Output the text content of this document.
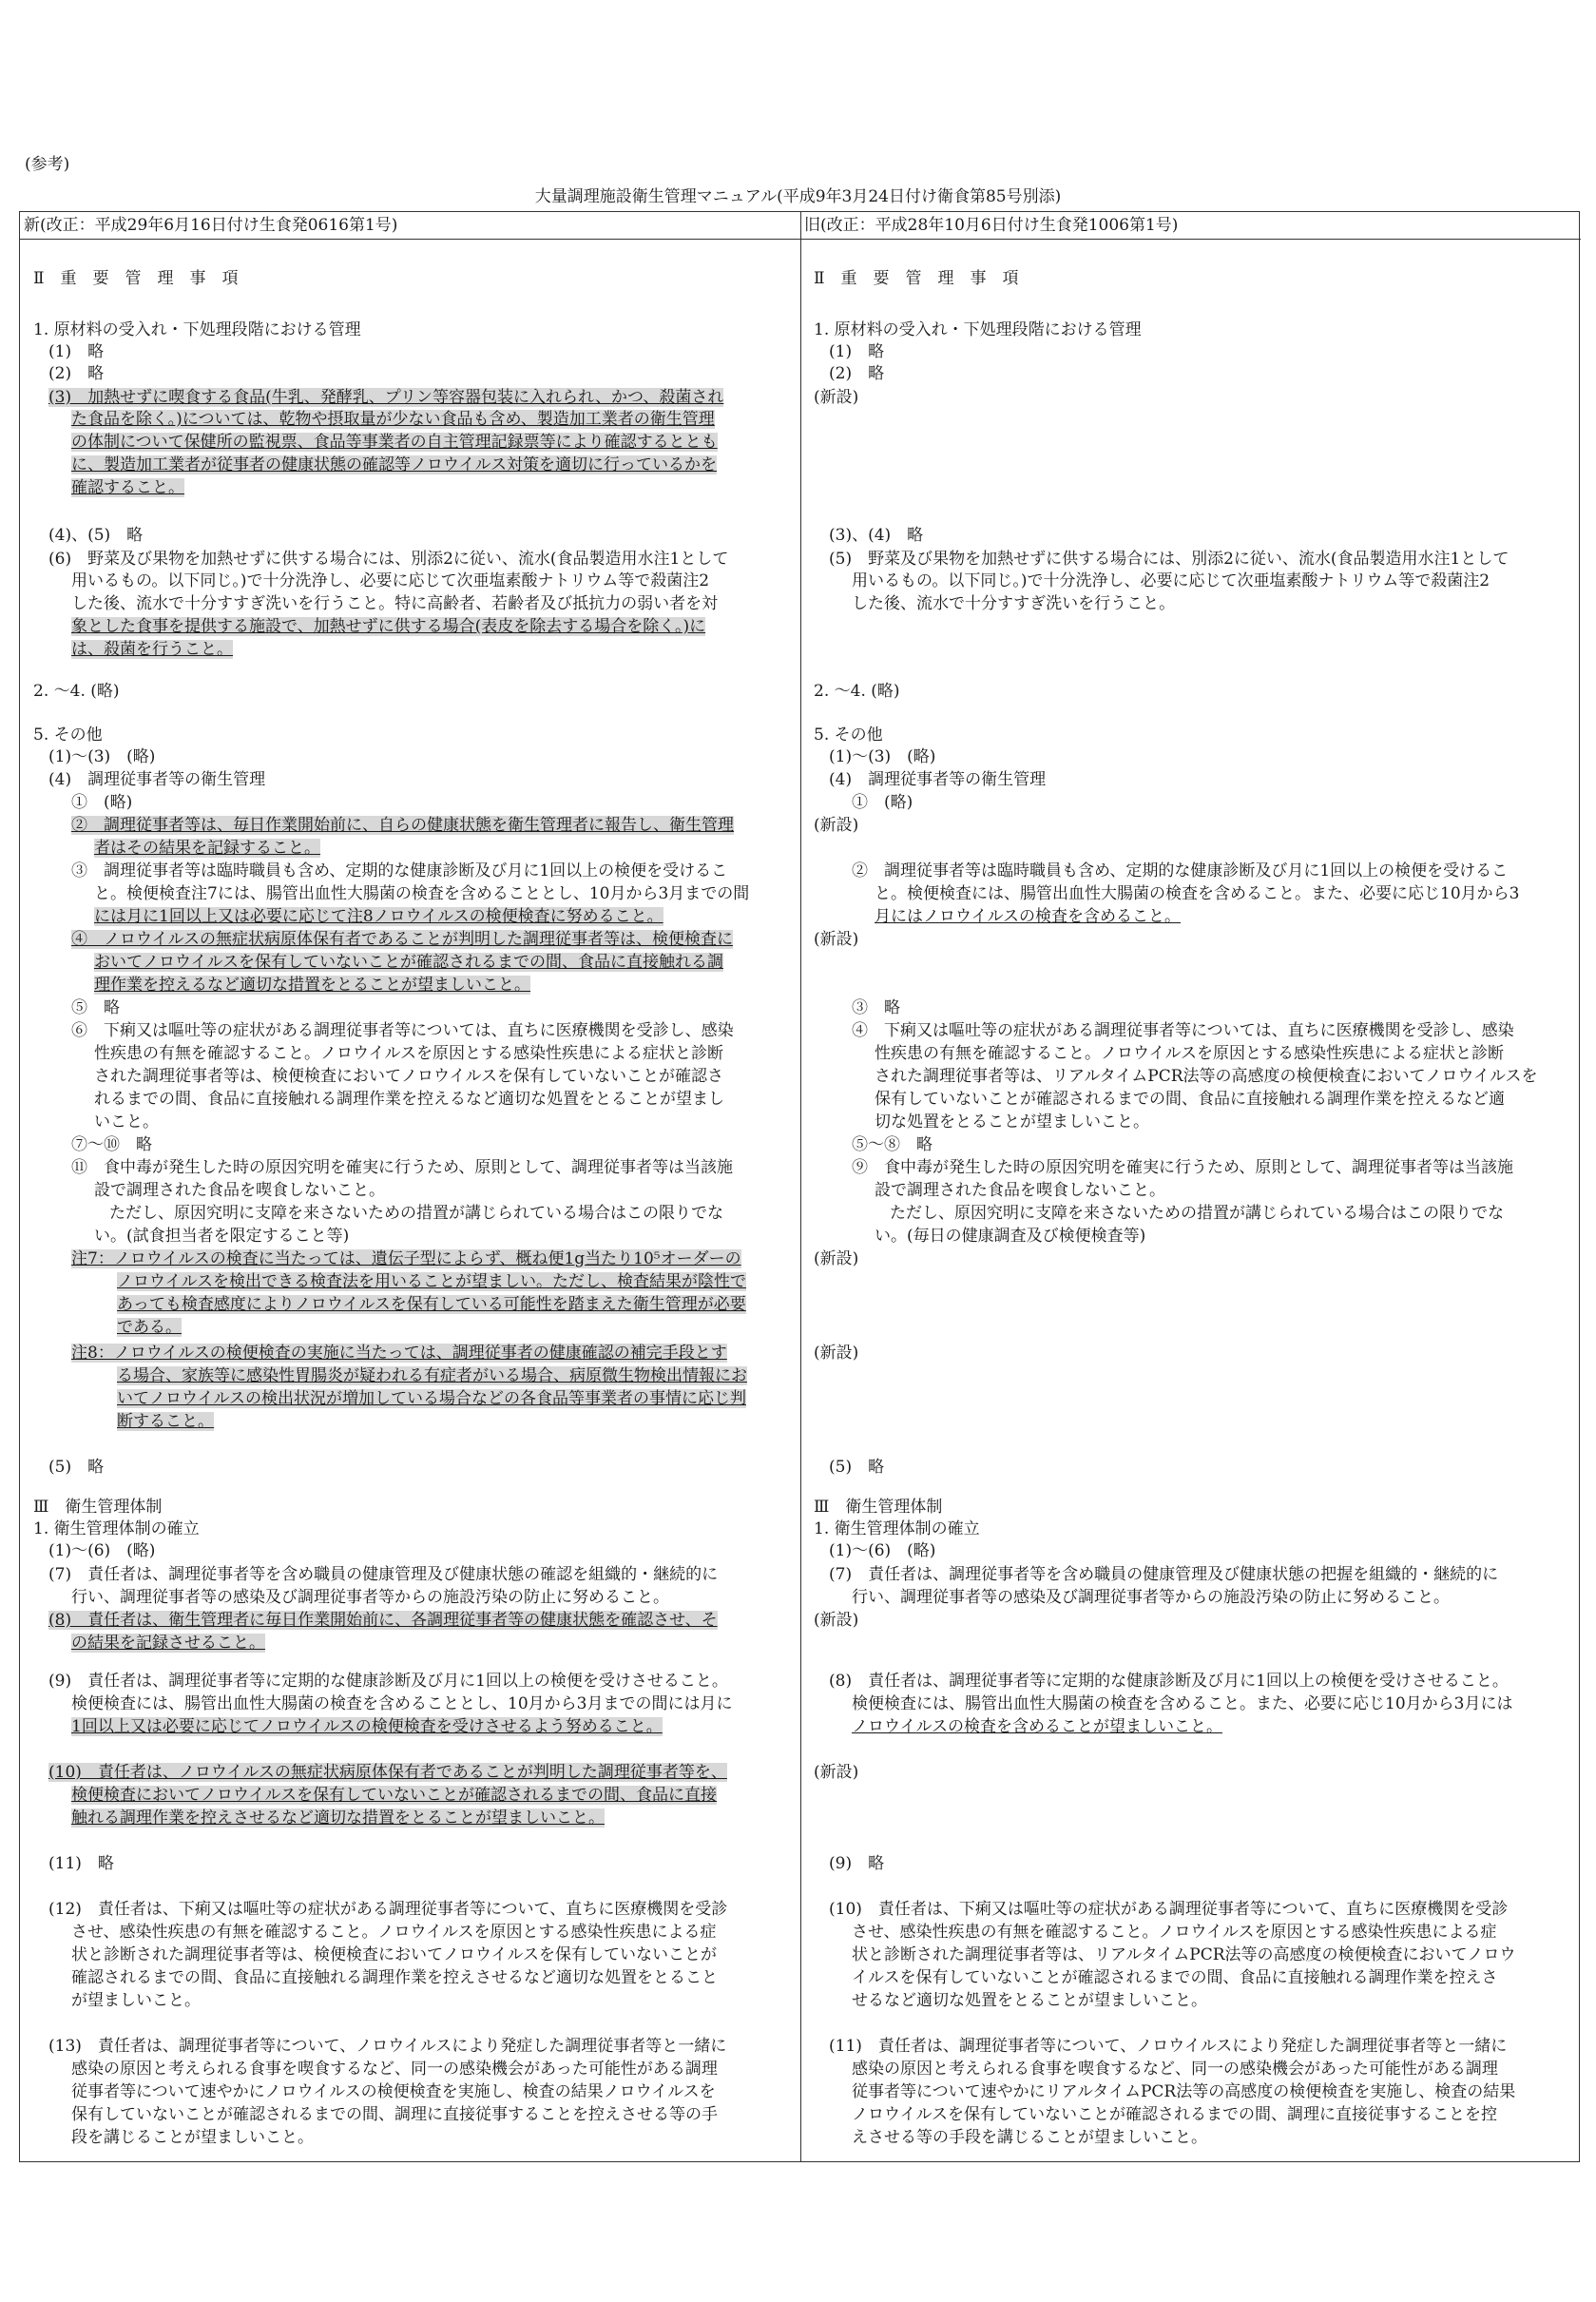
(参考)
大量調理施設衛生管理マニュアル(平成9年3月24日付け衛食第85号別添)
新(改正：平成29年6月16日付け生食発0616第1号)
Ⅱ　重　要　管　理　事　項
1. 原材料の受入れ・下処理段階における管理
(1)　略
(2)　略
(3)　加熱せずに喫食する食品(牛乳、発酵乳、プリン等容器包装に入れられ、かつ、殺菌され
た食品を除く。)については、乾物や摂取量が少ない食品も含め、製造加工業者の衛生管理
の体制について保健所の監視票、食品等事業者の自主管理記録票等により確認するととも
に、製造加工業者が従事者の健康状態の確認等ノロウイルス対策を適切に行っているかを
確認すること。
(4)、(5)　略
(6)　野菜及び果物を加熱せずに供する場合には、別添2に従い、流水(食品製造用水注1として
用いるもの。以下同じ。)で十分洗浄し、必要に応じて次亜塩素酸ナトリウム等で殺菌注2
した後、流水で十分すすぎ洗いを行うこと。特に高齢者、若齢者及び抵抗力の弱い者を対
象とした食事を提供する施設で、加熱せずに供する場合(表皮を除去する場合を除く。)に
は、殺菌を行うこと。
2. ～4. (略)
5. その他
(1)～(3)　(略)
(4)　調理従事者等の衛生管理
①　(略)
②　調理従事者等は、毎日作業開始前に、自らの健康状態を衛生管理者に報告し、衛生管理
者はその結果を記録すること。
③　調理従事者等は臨時職員も含め、定期的な健康診断及び月に1回以上の検便を受けるこ
と。検便検査注7には、腸管出血性大腸菌の検査を含めることとし、10月から3月までの間
には月に1回以上又は必要に応じて注8ノロウイルスの検便検査に努めること。
④　ノロウイルスの無症状病原体保有者であることが判明した調理従事者等は、検便検査に
おいてノロウイルスを保有していないことが確認されるまでの間、食品に直接触れる調
理作業を控えるなど適切な措置をとることが望ましいこと。
⑤　略
⑥　下痢又は嘔吐等の症状がある調理従事者等については、直ちに医療機関を受診し、感染
性疾患の有無を確認すること。ノロウイルスを原因とする感染性疾患による症状と診断
された調理従事者等は、検便検査においてノロウイルスを保有していないことが確認さ
れるまでの間、食品に直接触れる調理作業を控えるなど適切な処置をとることが望まし
いこと。
⑦～⑩　略
⑪　食中毒が発生した時の原因究明を確実に行うため、原則として、調理従事者等は当該施
設で調理された食品を喫食しないこと。
ただし、原因究明に支障を来さないための措置が講じられている場合はこの限りでな
い。(試食担当者を限定すること等)
注7：ノロウイルスの検査に当たっては、遺伝子型によらず、概ね便1g当たり10⁵オーダーの
ノロウイルスを検出できる検査法を用いることが望ましい。ただし、検査結果が陰性で
あっても検査感度によりノロウイルスを保有している可能性を踏まえた衛生管理が必要
である。
注8：ノロウイルスの検便検査の実施に当たっては、調理従事者の健康確認の補完手段とす
る場合、家族等に感染性胃腸炎が疑われる有症者がいる場合、病原微生物検出情報にお
いてノロウイルスの検出状況が増加している場合などの各食品等事業者の事情に応じ判
断すること。
(5)　略
Ⅲ　衛生管理体制
1. 衛生管理体制の確立
(1)～(6)　(略)
(7)　責任者は、調理従事者等を含め職員の健康管理及び健康状態の確認を組織的・継続的に
行い、調理従事者等の感染及び調理従事者等からの施設汚染の防止に努めること。
(8)　責任者は、衛生管理者に毎日作業開始前に、各調理従事者等の健康状態を確認させ、そ
の結果を記録させること。
(9)　責任者は、調理従事者等に定期的な健康診断及び月に1回以上の検便を受けさせること。
検便検査には、腸管出血性大腸菌の検査を含めることとし、10月から3月までの間には月に
1回以上又は必要に応じてノロウイルスの検便検査を受けさせるよう努めること。
(10)　責任者は、ノロウイルスの無症状病原体保有者であることが判明した調理従事者等を、
検便検査においてノロウイルスを保有していないことが確認されるまでの間、食品に直接
触れる調理作業を控えさせるなど適切な措置をとることが望ましいこと。
(11)　略
(12)　責任者は、下痢又は嘔吐等の症状がある調理従事者等について、直ちに医療機関を受診
させ、感染性疾患の有無を確認すること。ノロウイルスを原因とする感染性疾患による症
状と診断された調理従事者等は、検便検査においてノロウイルスを保有していないことが
確認されるまでの間、食品に直接触れる調理作業を控えさせるなど適切な処置をとること
が望ましいこと。
(13)　責任者は、調理従事者等について、ノロウイルスにより発症した調理従事者等と一緒に
感染の原因と考えられる食事を喫食するなど、同一の感染機会があった可能性がある調理
従事者等について速やかにノロウイルスの検便検査を実施し、検査の結果ノロウイルスを
保有していないことが確認されるまでの間、調理に直接従事することを控えさせる等の手
段を講じることが望ましいこと。
旧(改正：平成28年10月6日付け生食発1006第1号)
Ⅱ　重　要　管　理　事　項
1. 原材料の受入れ・下処理段階における管理
(1)　略
(2)　略
(新設)
(3)、(4)　略
(5)　野菜及び果物を加熱せずに供する場合には、別添2に従い、流水(食品製造用水注1として
用いるもの。以下同じ。)で十分洗浄し、必要に応じて次亜塩素酸ナトリウム等で殺菌注2
した後、流水で十分すすぎ洗いを行うこと。
2. ～4. (略)
5. その他
(1)～(3)　(略)
(4)　調理従事者等の衛生管理
①　(略)
(新設)
②　調理従事者等は臨時職員も含め、定期的な健康診断及び月に1回以上の検便を受けるこ
と。検便検査には、腸管出血性大腸菌の検査を含めること。また、必要に応じ10月から3
月にはノロウイルスの検査を含めること。
(新設)
③　略
④　下痢又は嘔吐等の症状がある調理従事者等については、直ちに医療機関を受診し、感染
性疾患の有無を確認すること。ノロウイルスを原因とする感染性疾患による症状と診断
された調理従事者等は、リアルタイムPCR法等の高感度の検便検査においてノロウイルスを
保有していないことが確認されるまでの間、食品に直接触れる調理作業を控えるなど適
切な処置をとることが望ましいこと。
⑤～⑧　略
⑨　食中毒が発生した時の原因究明を確実に行うため、原則として、調理従事者等は当該施
設で調理された食品を喫食しないこと。
ただし、原因究明に支障を来さないための措置が講じられている場合はこの限りでな
い。(毎日の健康調査及び検便検査等)
(新設)
(新設)
(5)　略
Ⅲ　衛生管理体制
1. 衛生管理体制の確立
(1)～(6)　(略)
(7)　責任者は、調理従事者等を含め職員の健康管理及び健康状態の把握を組織的・継続的に
行い、調理従事者等の感染及び調理従事者等からの施設汚染の防止に努めること。
(新設)
(8)　責任者は、調理従事者等に定期的な健康診断及び月に1回以上の検便を受けさせること。
検便検査には、腸管出血性大腸菌の検査を含めること。また、必要に応じ10月から3月には
ノロウイルスの検査を含めることが望ましいこと。
(新設)
(9)　略
(10)　責任者は、下痢又は嘔吐等の症状がある調理従事者等について、直ちに医療機関を受診
させ、感染性疾患の有無を確認すること。ノロウイルスを原因とする感染性疾患による症
状と診断された調理従事者等は、リアルタイムPCR法等の高感度の検便検査においてノロウ
イルスを保有していないことが確認されるまでの間、食品に直接触れる調理作業を控えさ
せるなど適切な処置をとることが望ましいこと。
(11)　責任者は、調理従事者等について、ノロウイルスにより発症した調理従事者等と一緒に
感染の原因と考えられる食事を喫食するなど、同一の感染機会があった可能性がある調理
従事者等について速やかにリアルタイムPCR法等の高感度の検便検査を実施し、検査の結果
ノロウイルスを保有していないことが確認されるまでの間、調理に直接従事することを控
えさせる等の手段を講じることが望ましいこと。
